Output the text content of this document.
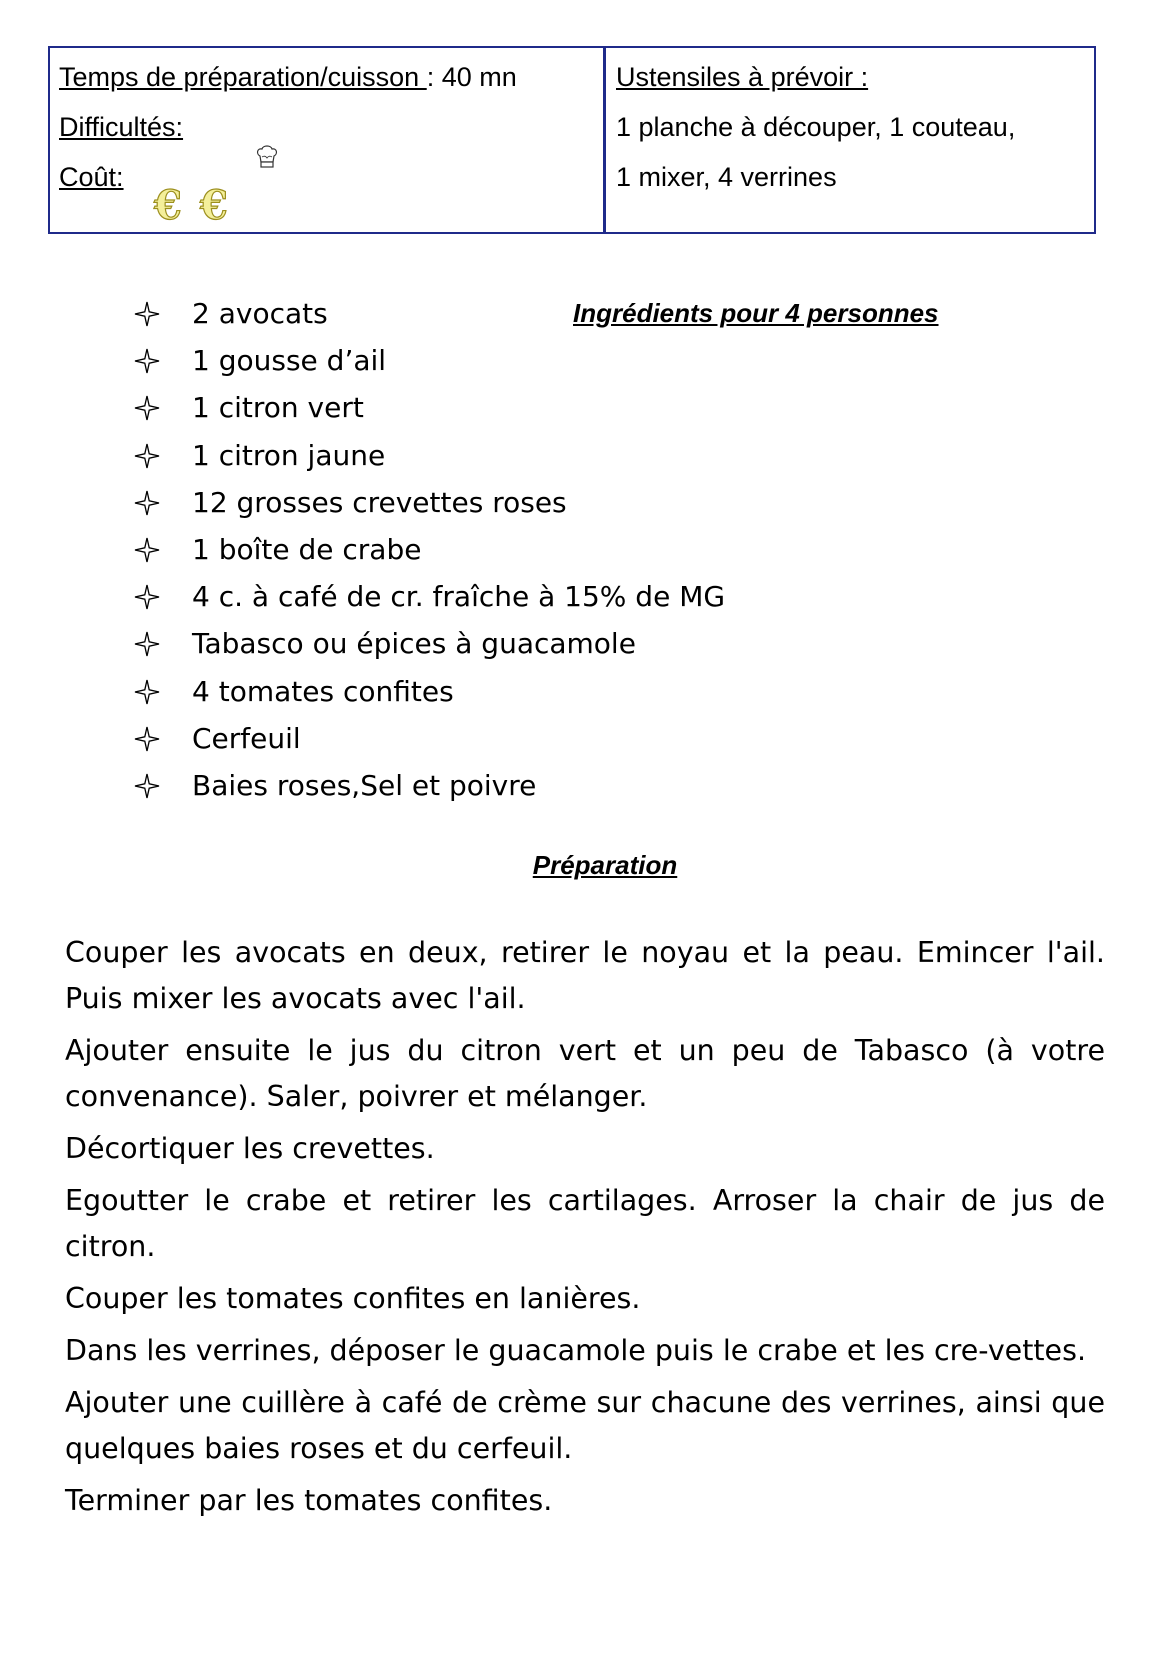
Temps de préparation/cuisson : 40 mn
Difficultés:
Coût:
€ €
Ustensiles à prévoir :
1 planche à découper, 1 couteau,
1 mixer, 4 verrines
Ingrédients pour 4 personnes
2 avocats
1 gousse d’ail
1 citron vert
1 citron jaune
12 grosses crevettes roses
1 boîte de crabe
4 c. à café de cr. fraîche à 15% de MG
Tabasco ou épices à guacamole
4 tomates confites
Cerfeuil
Baies roses,Sel et poivre
Préparation

Couper les avocats en deux, retirer le noyau et la peau. Emincer l'ail. Puis mixer les avocats avec l'ail.

Ajouter ensuite le jus du citron vert et un peu de Tabasco (à votre convenance). Saler, poivrer et mélanger.

Décortiquer les crevettes.

Egoutter le crabe et retirer les cartilages. Arroser la chair de jus de citron.

Couper les tomates confites en lanières.

Dans les verrines, déposer le guacamole puis le crabe et les cre-vettes.

Ajouter une cuillère à café de crème sur chacune des verrines, ainsi que quelques baies roses et du cerfeuil.

Terminer par les tomates confites.
